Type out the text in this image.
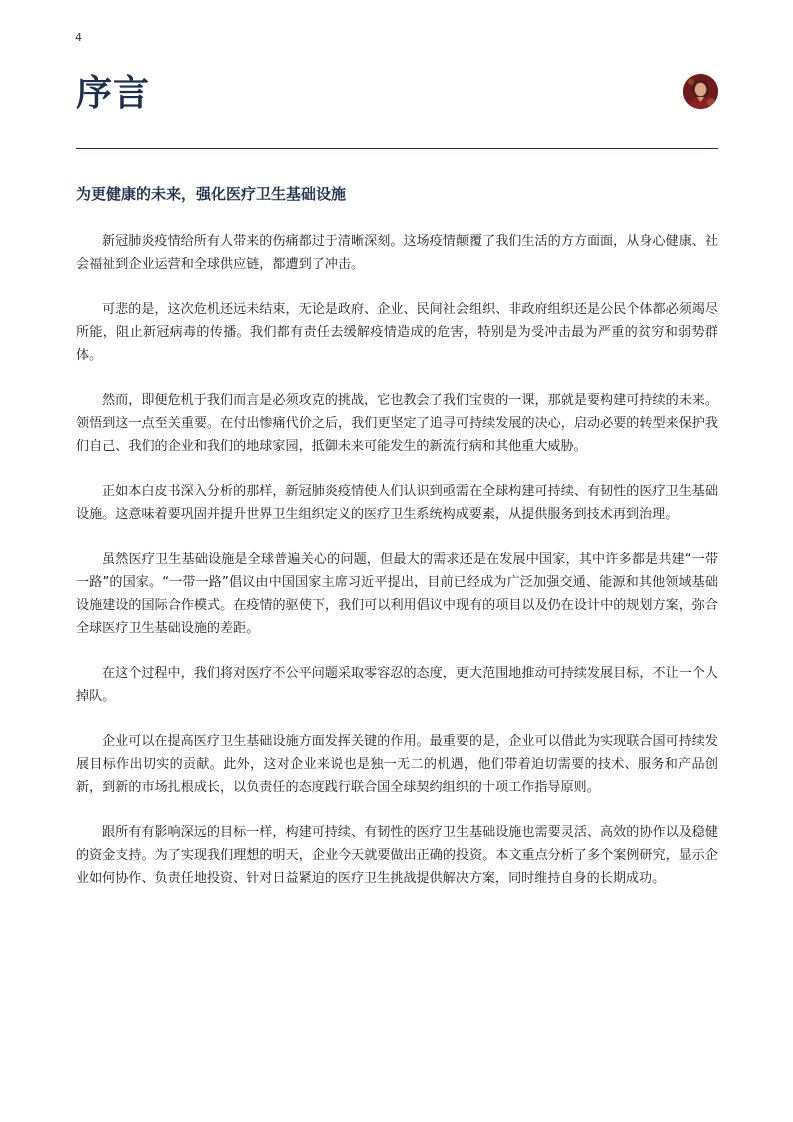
4
序言
为更健康的未来，强化医疗卫生基础设施

新冠肺炎疫情给所有人带来的伤痛都过于清晰深刻。这场疫情颠覆了我们生活的方方面面，从身心健康、社会福祉到企业运营和全球供应链，都遭到了冲击。

可悲的是，这次危机还远未结束，无论是政府、企业、民间社会组织、非政府组织还是公民个体都必须竭尽所能，阻止新冠病毒的传播。我们都有责任去缓解疫情造成的危害，特别是为受冲击最为严重的贫穷和弱势群体。

然而，即便危机于我们而言是必须攻克的挑战，它也教会了我们宝贵的一课，那就是要构建可持续的未来。领悟到这一点至关重要。在付出惨痛代价之后，我们更坚定了追寻可持续发展的决心，启动必要的转型来保护我们自己、我们的企业和我们的地球家园，抵御未来可能发生的新流行病和其他重大威胁。

正如本白皮书深入分析的那样，新冠肺炎疫情使人们认识到亟需在全球构建可持续、有韧性的医疗卫生基础设施。这意味着要巩固并提升世界卫生组织定义的医疗卫生系统构成要素，从提供服务到技术再到治理。

虽然医疗卫生基础设施是全球普遍关心的问题，但最大的需求还是在发展中国家，其中许多都是共建“一带一路”的国家。“一带一路”倡议由中国国家主席习近平提出，目前已经成为广泛加强交通、能源和其他领域基础设施建设的国际合作模式。在疫情的驱使下，我们可以利用倡议中现有的项目以及仍在设计中的规划方案，弥合全球医疗卫生基础设施的差距。

在这个过程中，我们将对医疗不公平问题采取零容忍的态度，更大范围地推动可持续发展目标，不让一个人掉队。

企业可以在提高医疗卫生基础设施方面发挥关键的作用。最重要的是，企业可以借此为实现联合国可持续发展目标作出切实的贡献。此外，这对企业来说也是独一无二的机遇，他们带着迫切需要的技术、服务和产品创新，到新的市场扎根成长，以负责任的态度践行联合国全球契约组织的十项工作指导原则。

跟所有有影响深远的目标一样，构建可持续、有韧性的医疗卫生基础设施也需要灵活、高效的协作以及稳健的资金支持。为了实现我们理想的明天，企业今天就要做出正确的投资。本文重点分析了多个案例研究，显示企业如何协作、负责任地投资、针对日益紧迫的医疗卫生挑战提供解决方案，同时维持自身的长期成功。
